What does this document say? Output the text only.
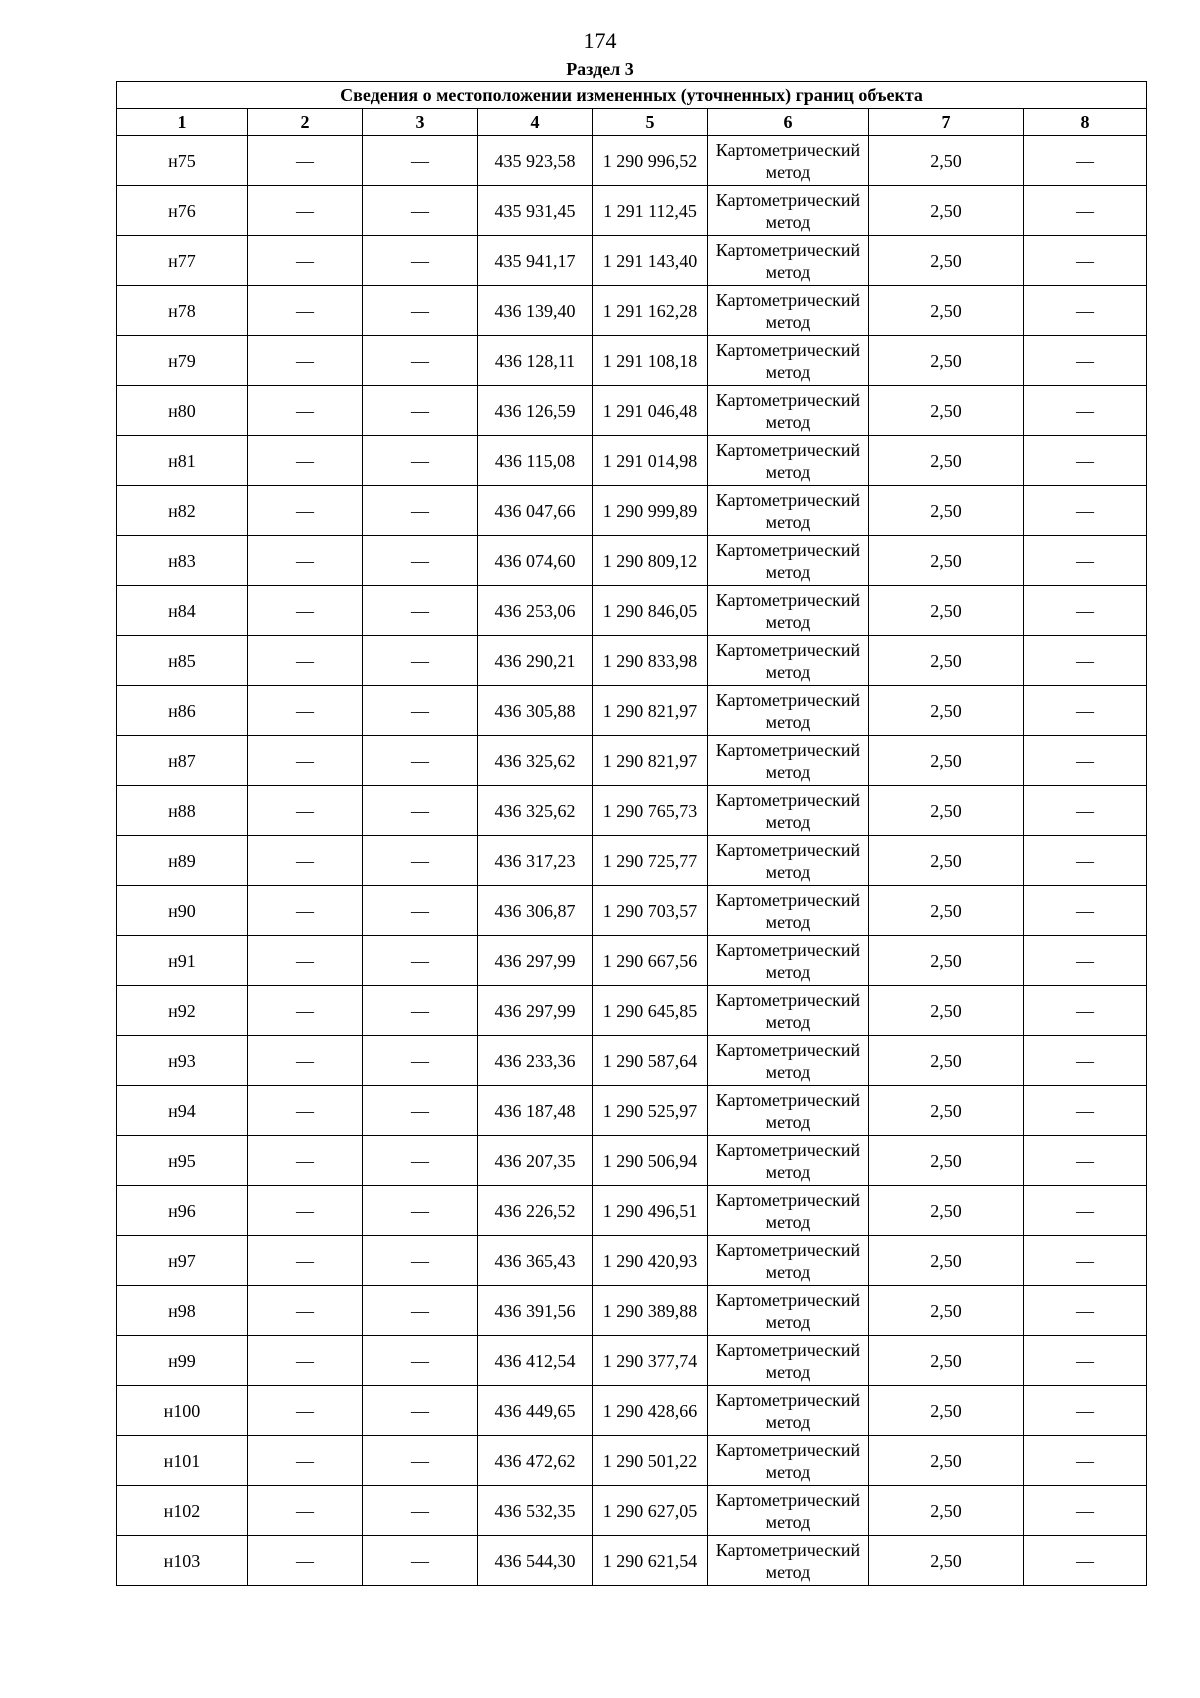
174
Раздел 3
Сведения о местоположении измененных (уточненных) границ объекта							
1	2	3	4	5	6	7	8
н75	—	—	435 923,58	1 290 996,52	Картометрический метод	2,50	—
н76	—	—	435 931,45	1 291 112,45	Картометрический метод	2,50	—
н77	—	—	435 941,17	1 291 143,40	Картометрический метод	2,50	—
н78	—	—	436 139,40	1 291 162,28	Картометрический метод	2,50	—
н79	—	—	436 128,11	1 291 108,18	Картометрический метод	2,50	—
н80	—	—	436 126,59	1 291 046,48	Картометрический метод	2,50	—
н81	—	—	436 115,08	1 291 014,98	Картометрический метод	2,50	—
н82	—	—	436 047,66	1 290 999,89	Картометрический метод	2,50	—
н83	—	—	436 074,60	1 290 809,12	Картометрический метод	2,50	—
н84	—	—	436 253,06	1 290 846,05	Картометрический метод	2,50	—
н85	—	—	436 290,21	1 290 833,98	Картометрический метод	2,50	—
н86	—	—	436 305,88	1 290 821,97	Картометрический метод	2,50	—
н87	—	—	436 325,62	1 290 821,97	Картометрический метод	2,50	—
н88	—	—	436 325,62	1 290 765,73	Картометрический метод	2,50	—
н89	—	—	436 317,23	1 290 725,77	Картометрический метод	2,50	—
н90	—	—	436 306,87	1 290 703,57	Картометрический метод	2,50	—
н91	—	—	436 297,99	1 290 667,56	Картометрический метод	2,50	—
н92	—	—	436 297,99	1 290 645,85	Картометрический метод	2,50	—
н93	—	—	436 233,36	1 290 587,64	Картометрический метод	2,50	—
н94	—	—	436 187,48	1 290 525,97	Картометрический метод	2,50	—
н95	—	—	436 207,35	1 290 506,94	Картометрический метод	2,50	—
н96	—	—	436 226,52	1 290 496,51	Картометрический метод	2,50	—
н97	—	—	436 365,43	1 290 420,93	Картометрический метод	2,50	—
н98	—	—	436 391,56	1 290 389,88	Картометрический метод	2,50	—
н99	—	—	436 412,54	1 290 377,74	Картометрический метод	2,50	—
н100	—	—	436 449,65	1 290 428,66	Картометрический метод	2,50	—
н101	—	—	436 472,62	1 290 501,22	Картометрический метод	2,50	—
н102	—	—	436 532,35	1 290 627,05	Картометрический метод	2,50	—
н103	—	—	436 544,30	1 290 621,54	Картометрический метод	2,50	—
